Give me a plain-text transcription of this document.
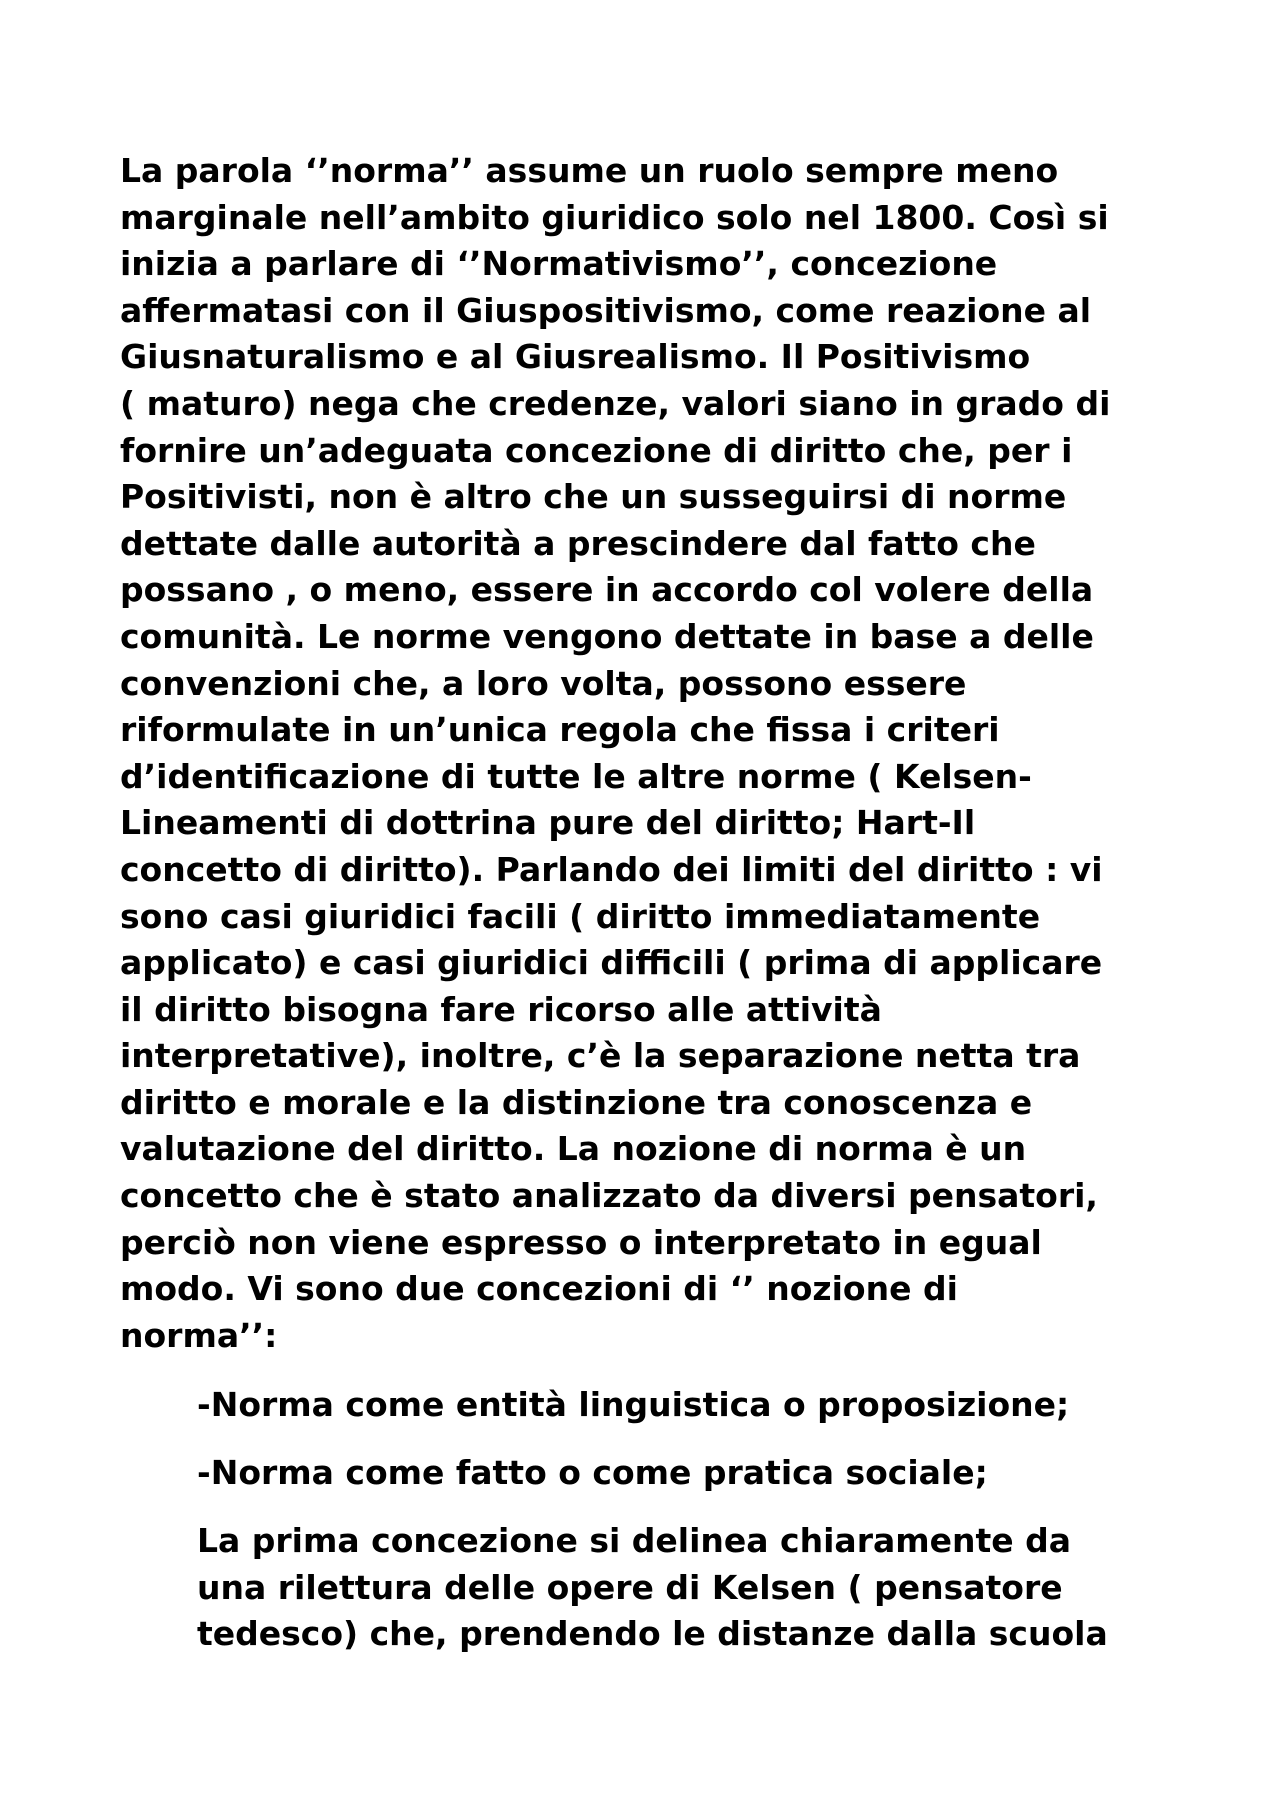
La parola ‘’norma’’ assume un ruolo sempre meno
marginale nell’ambito giuridico solo nel 1800. Così si
inizia a parlare di ‘’Normativismo’’, concezione
affermatasi con il Giuspositivismo, come reazione al
Giusnaturalismo e al Giusrealismo. Il Positivismo
( maturo) nega che credenze, valori siano in grado di
fornire un’adeguata concezione di diritto che, per i
Positivisti, non è altro che un susseguirsi di norme
dettate dalle autorità a prescindere dal fatto che
possano , o meno, essere in accordo col volere della
comunità. Le norme vengono dettate in base a delle
convenzioni che, a loro volta, possono essere
riformulate in un’unica regola che fissa i criteri
d’identificazione di tutte le altre norme ( Kelsen-
Lineamenti di dottrina pure del diritto; Hart-Il
concetto di diritto). Parlando dei limiti del diritto : vi
sono casi giuridici facili ( diritto immediatamente
applicato) e casi giuridici difficili ( prima di applicare
il diritto bisogna fare ricorso alle attività
interpretative), inoltre, c’è la separazione netta tra
diritto e morale e la distinzione tra conoscenza e
valutazione del diritto. La nozione di norma è un
concetto che è stato analizzato da diversi pensatori,
perciò non viene espresso o interpretato in egual
modo. Vi sono due concezioni di ‘’ nozione di
norma’’:
-Norma come entità linguistica o proposizione;
-Norma come fatto o come pratica sociale;
La prima concezione si delinea chiaramente da
una rilettura delle opere di Kelsen ( pensatore
tedesco) che, prendendo le distanze dalla scuola
